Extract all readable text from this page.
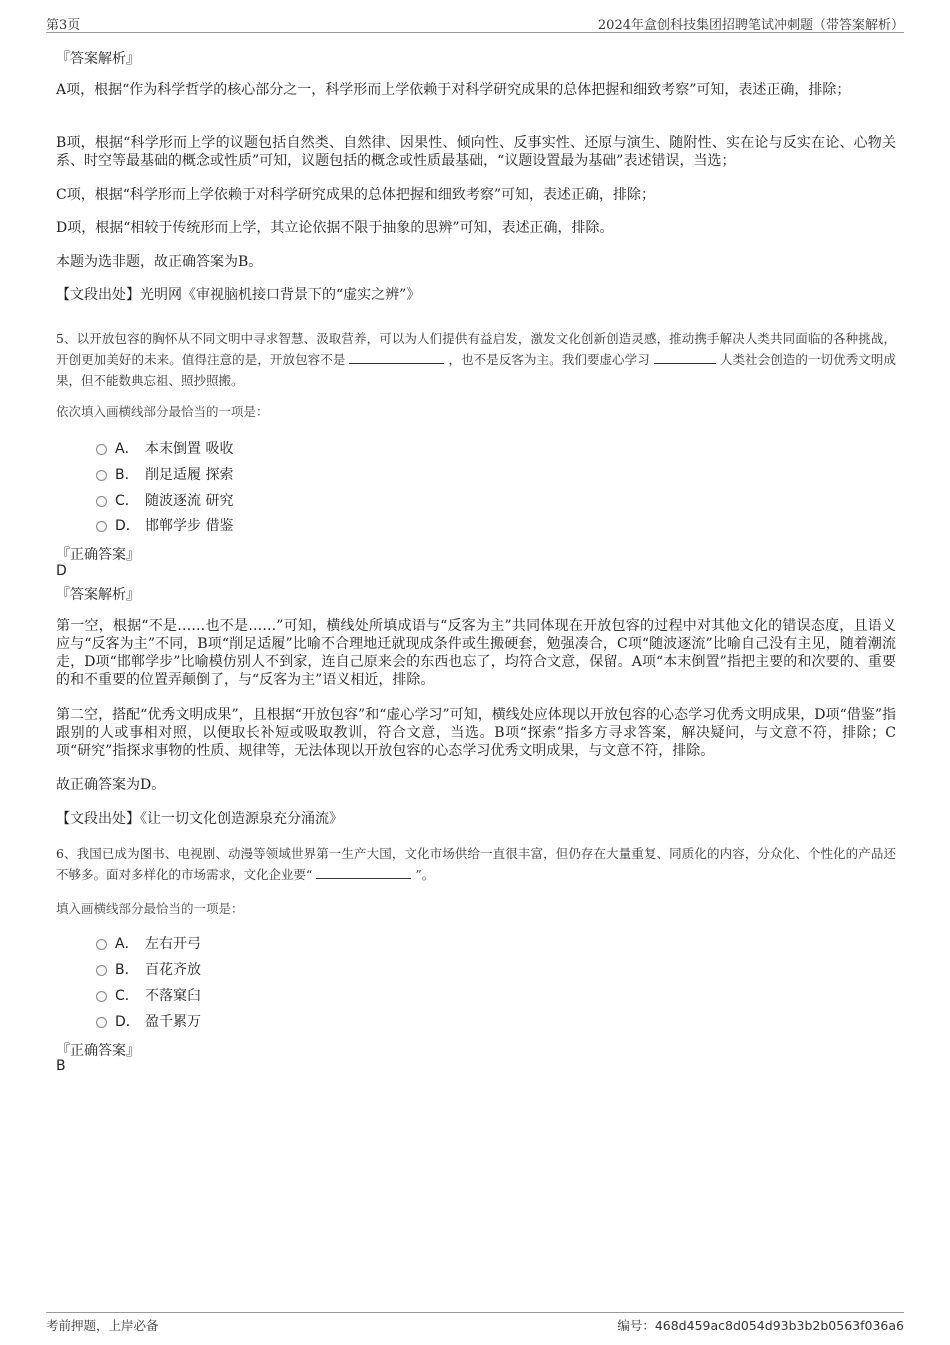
第3页	2024年盒创科技集团招聘笔试冲刺题（带答案解析）
『答案解析』
A项，根据“作为科学哲学的核心部分之一，科学形而上学依赖于对科学研究成果的总体把握和细致考察”可知，表述正确，排除；
B项，根据“科学形而上学的议题包括自然类、自然律、因果性、倾向性、反事实性、还原与演生、随附性、实在论与反实在论、心物关系、时空等最基础的概念或性质”可知，议题包括的概念或性质最基础，“议题设置最为基础”表述错误，当选；
C项，根据“科学形而上学依赖于对科学研究成果的总体把握和细致考察”可知，表述正确，排除；
D项，根据“相较于传统形而上学，其立论依据不限于抽象的思辨”可知，表述正确，排除。
本题为选非题，故正确答案为B。
【文段出处】光明网《审视脑机接口背景下的“虚实之辨”》
5、以开放包容的胸怀从不同文明中寻求智慧、汲取营养，可以为人们提供有益启发，激发文化创新创造灵感，推动携手解决人类共同面临的各种挑战，开创更加美好的未来。值得注意的是，开放包容不是	，也不是反客为主。我们要虚心学习	人类社会创造的一切优秀文明成果，但不能数典忘祖、照抄照搬。
依次填入画横线部分最恰当的一项是：
A． 本末倒置 吸收
B． 削足适履 探索
C． 随波逐流 研究
D． 邯郸学步 借鉴
『正确答案』
D
『答案解析』
第一空，根据“不是……也不是……”可知，横线处所填成语与“反客为主”共同体现在开放包容的过程中对其他文化的错误态度，且语义应与“反客为主”不同，B项“削足适履”比喻不合理地迁就现成条件或生搬硬套，勉强凑合，C项“随波逐流”比喻自己没有主见，随着潮流走，D项“邯郸学步”比喻模仿别人不到家，连自己原来会的东西也忘了，均符合文意，保留。A项“本末倒置”指把主要的和次要的、重要的和不重要的位置弄颠倒了，与“反客为主”语义相近，排除。
第二空，搭配“优秀文明成果”，且根据“开放包容”和“虚心学习”可知，横线处应体现以开放包容的心态学习优秀文明成果，D项“借鉴”指跟别的人或事相对照，以便取长补短或吸取教训，符合文意，当选。B项“探索”指多方寻求答案，解决疑问，与文意不符，排除；C项“研究”指探求事物的性质、规律等，无法体现以开放包容的心态学习优秀文明成果，与文意不符，排除。
故正确答案为D。
【文段出处】《让一切文化创造源泉充分涌流》
6、我国已成为图书、电视剧、动漫等领域世界第一生产大国，文化市场供给一直很丰富，但仍存在大量重复、同质化的内容，分众化、个性化的产品还不够多。面对多样化的市场需求，文化企业要“	”。
填入画横线部分最恰当的一项是：
A． 左右开弓
B． 百花齐放
C． 不落窠臼
D． 盈千累万
『正确答案』
B
考前押题，上岸必备	编号：468d459ac8d054d93b3b2b0563f036a6
